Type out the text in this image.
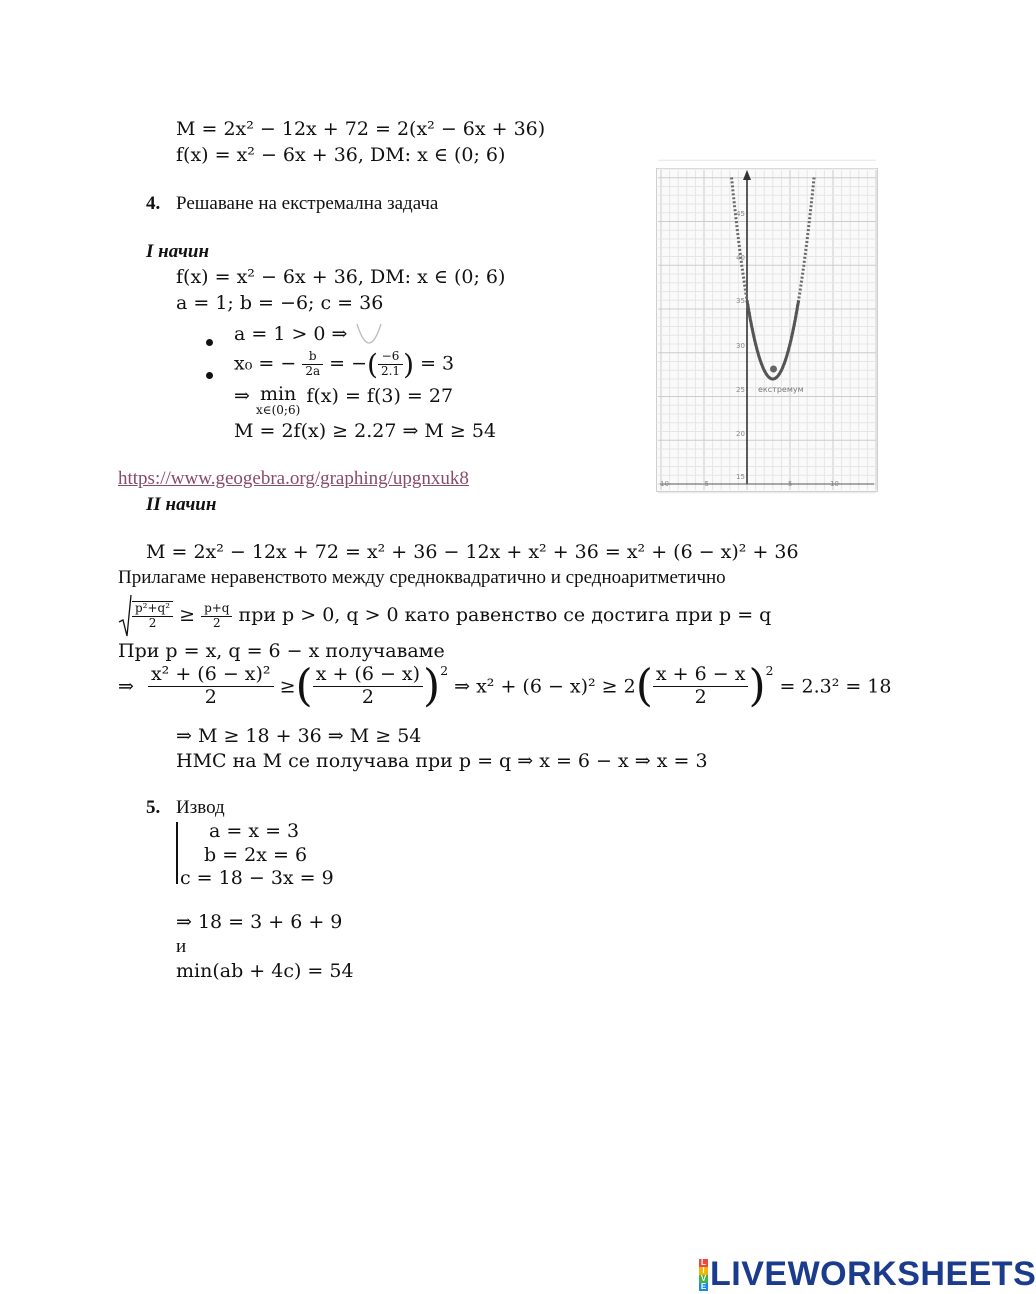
M = 2x² − 12x + 72 = 2(x² − 6x + 36)
f(x) = x² − 6x + 36, DM: x ∈ (0; 6)
4. Решаване на екстремална задача
I начин
f(x) = x² − 6x + 36, DM: x ∈ (0; 6)
a = 1; b = −6; c = 36
a = 1 > 0 ⇒
x₀ = − $\frac{b}{2a}$ = −( $\frac{-6}{2.1}$ ) = 3
⇒ min
x∈(0;6)
f(x) = f(3) = 27
M = 2f(x) ≥ 2.27 ⇒ M ≥ 54
https://www.geogebra.org/graphing/upgnxuk8
II начин
M = 2x² − 12x + 72 = x² + 36 − 12x + x² + 36 = x² + (6 − x)² + 36
Прилагаме неравенството между средноквадратично и средноаритметично
$\frac{\text{p²+q²}}{2} \ge \frac{p+q}{2}$ при p > 0, q > 0 като равенство се достига при p = q
При p = x, q = 6 − x получаваме
⇒ $\frac{\text{x² + (6 − x)²}}{2}$ ≥( $\frac{x + (6 - x)}{2} )^2$ ⇒ $x^2 + (6 - x)^2 \ge 2( \frac{x + 6 - x}{2} )^2 = 2.3^2 = 18$
⇒ M ≥ 18 + 36 ⇒ M ≥ 54
НМС на M се получава при p = q ⇒ x = 6 − x ⇒ x = 3
5. Извод
a = x = 3
b = 2x = 6
c = 18 − 3x = 9
⇒ 18 = 3 + 6 + 9
и
min(ab + 4c) = 54
екстремум
45
40
35
30
25
20
15
10	-5	5	10
L
I
V
E LIVEWORKSHEETS
